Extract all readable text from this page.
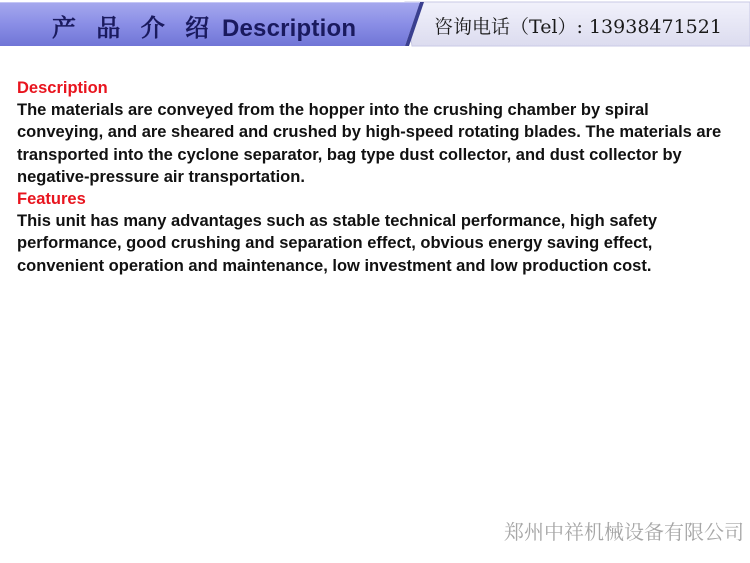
产 品 介 绍 Description	咨询电话（Tel）: 13938471521
Description
The materials are conveyed from the hopper into the crushing chamber by spiral conveying, and are sheared and crushed by high-speed rotating blades. The materials are transported into the cyclone separator, bag type dust collector, and dust collector by negative-pressure air transportation.
Features
This unit has many advantages such as stable technical performance, high safety performance, good crushing and separation effect, obvious energy saving effect, convenient operation and maintenance, low investment and low production cost.
郑州中祥机械设备有限公司
